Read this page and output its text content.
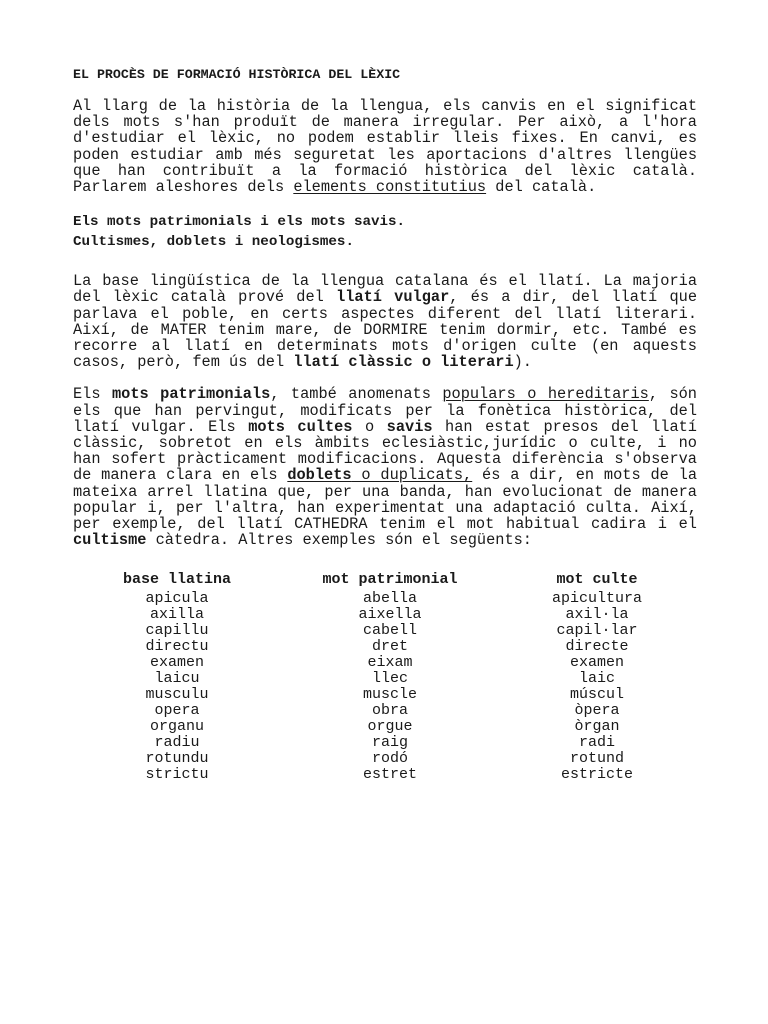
EL PROCÈS DE FORMACIÓ HISTÒRICA DEL LÈXIC
Al llarg de la història de la llengua, els canvis en el significat
dels mots s'han produït de manera irregular. Per això, a l'hora
d'estudiar el lèxic, no podem establir lleis fixes. En canvi, es
poden estudiar amb més seguretat les aportacions d'altres llengües
que han contribuït a la formació històrica del lèxic català.
Parlarem aleshores dels elements constitutius del català.
Els mots patrimonials i els mots savis.
Cultismes, doblets i neologismes.
La base lingüística de la llengua catalana és el llatí. La majoria
del lèxic català prové del llatí vulgar, és a dir, del llatí que
parlava el poble, en certs aspectes diferent del llatí literari.
Així, de MATER tenim mare, de DORMIRE tenim dormir, etc. També es
recorre al llatí en determinats mots d'origen culte (en aquests
casos, però, fem ús del llatí clàssic o literari).
Els mots patrimonials, també anomenats populars o hereditaris, són
els que han pervingut, modificats per la fonètica històrica, del
llatí vulgar. Els mots cultes o savis han estat presos del llatí
clàssic, sobretot en els àmbits eclesiàstic,jurídic o culte, i no
han sofert pràcticament modificacions. Aquesta diferència s'observa
de manera clara en els doblets o duplicats, és a dir, en mots de la
mateixa arrel llatina que, per una banda, han evolucionat de manera
popular i, per l'altra, han experimentat una adaptació culta. Així,
per exemple, del llatí CATHEDRA tenim el mot habitual cadira i el
cultisme càtedra. Altres exemples són el següents:
base llatina	mot patrimonial	mot culte
apicula	abella	apicultura
axilla	aixella	axil·la
capillu	cabell	capil·lar
directu	dret	directe
examen	eixam	examen
laicu	llec	laic
musculu	muscle	múscul
opera	obra	òpera
organu	orgue	òrgan
radiu	raig	radi
rotundu	rodó	rotund
strictu	estret	estricte
